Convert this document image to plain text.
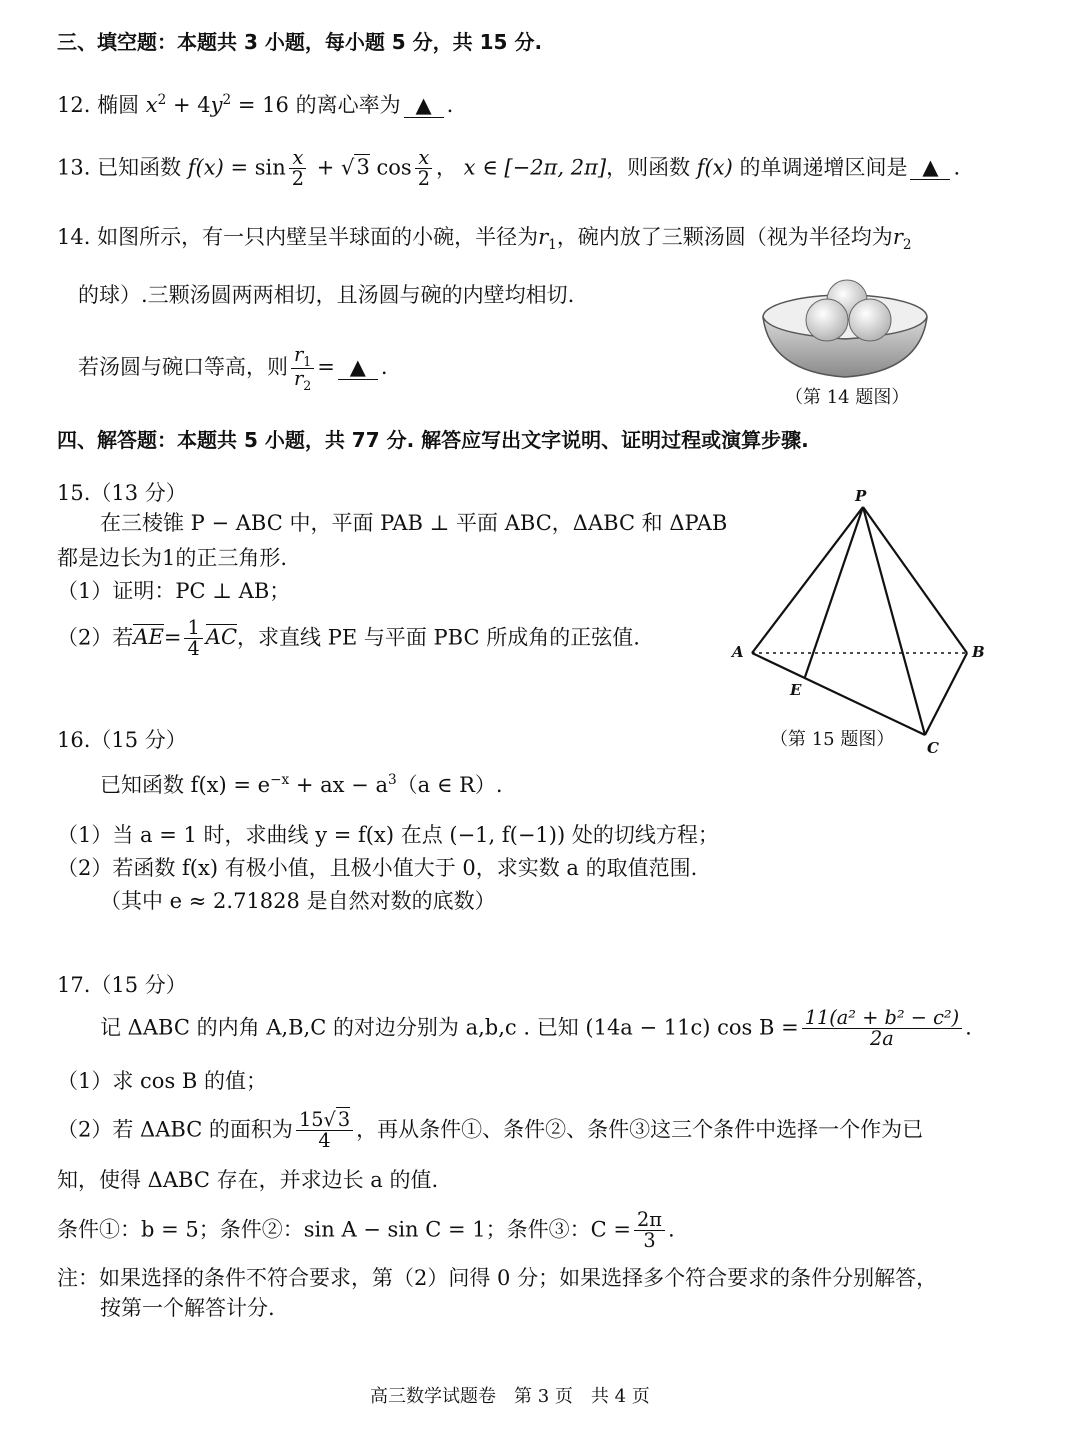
三、填空题：本题共 3 小题，每小题 5 分，共 15 分.
12. 椭圆 $x^2 + 4y^2 = 16$ 的离心率为 ▲ .
13. 已知函数 $f(x) = \sin \frac{x}{2} + √3$ $\cos \frac{x}{2}$ ， x ∈ [−2π, 2π]，则函数 f(x) 的单调递增区间是 ▲ .
14. 如图所示，有一只内壁呈半球面的小碗，半径为$r_1$，碗内放了三颗汤圆（视为半径均为$r_2$
的球）.三颗汤圆两两相切，且汤圆与碗的内壁均相切.
若汤圆与碗口等高，则 $\frac{r_1}{r_2}$ = ▲ .
（第 14 题图）
四、解答题：本题共 5 小题，共 77 分. 解答应写出文字说明、证明过程或演算步骤.
15.（13 分）
在三棱锥 P − ABC 中，平面 PAB ⊥ 平面 ABC，ΔABC 和 ΔPAB
都是边长为1的正三角形.
（1）证明：PC ⊥ AB；
（2）若$AE= \frac{1}{4}$ AC，求直线 PE 与平面 PBC 所成角的正弦值.
P
A	B
C
E
（第 15 题图）
16.（15 分）
已知函数 $f(x) = e^{-x}$ + ax − $a^3(a$ ∈ R）.
（1）当 a = 1 时，求曲线 y = f(x) 在点 (−1, f(−1)) 处的切线方程；
（2）若函数 f(x) 有极小值，且极小值大于 0，求实数 a 的取值范围.
（其中 e ≈ 2.71828 是自然对数的底数）
17.（15 分）
记 ΔABC 的内角 A,B,C 的对边分别为 a,b,c . 已知 (14a − 11c) $\cos B = \frac{\text{11(a² + b² − c²)}}{2a}$ .
（1）求 cos B 的值；
（2）若 ΔABC 的面积为 $\frac{15√ 3}{4}$ ，再从条件①、条件②、条件③这三个条件中选择一个作为已
知，使得 ΔABC 存在，并求边长 a 的值.
条件①：b = 5；条件②：sin A − sin C = 1；条件③：$C = \frac{2\pi}{3}$ .
注：如果选择的条件不符合要求，第（2）问得 0 分；如果选择多个符合要求的条件分别解答，
按第一个解答计分.
高三数学试题卷　第 3 页　共 4 页
